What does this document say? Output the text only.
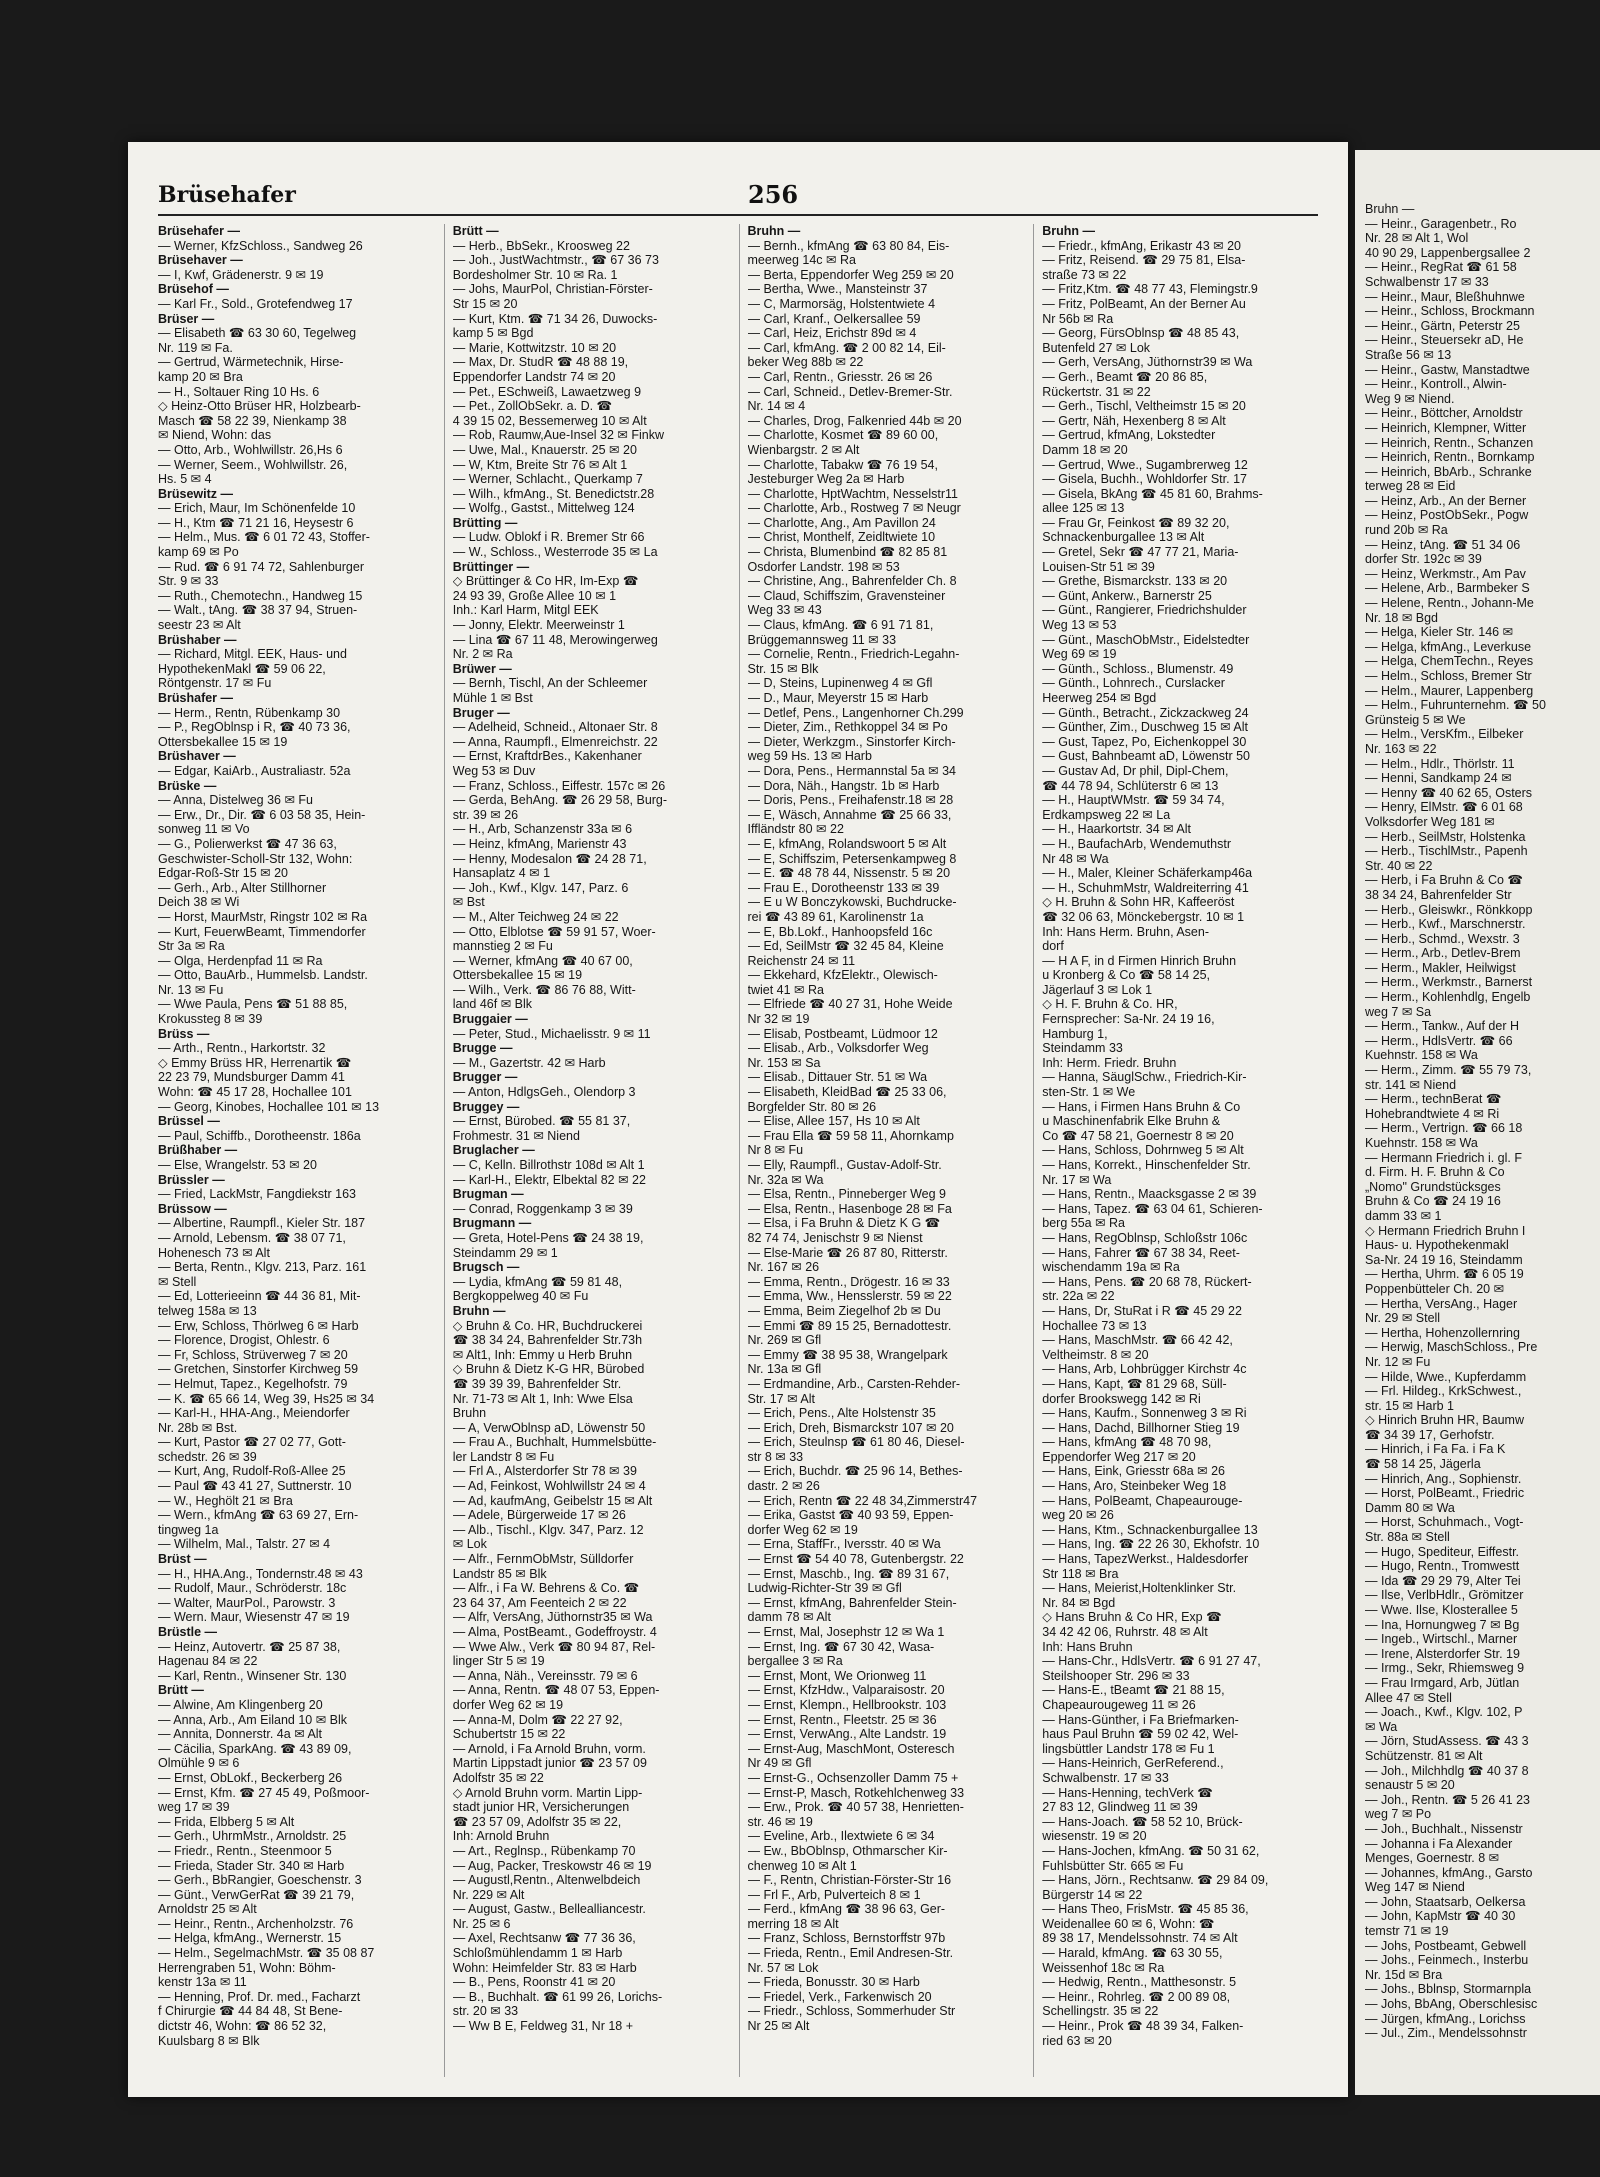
Brüsehafer	256
Brüsehafer —
— Werner, KfzSchloss., Sandweg 26
Brüsehaver —
— I, Kwf, Grädenerstr. 9 ✉ 19
Brüsehof —
— Karl Fr., Sold., Grotefendweg 17
Brüser —
— Elisabeth ☎ 63 30 60, Tegelweg
Nr. 119 ✉ Fa.
— Gertrud, Wärmetechnik, Hirse-
kamp 20 ✉ Bra
— H., Soltauer Ring 10 Hs. 6
◇ Heinz-Otto Brüser HR, Holzbearb-
Masch ☎ 58 22 39, Nienkamp 38
✉ Niend, Wohn: das
— Otto, Arb., Wohlwillstr. 26,Hs 6
— Werner, Seem., Wohlwillstr. 26,
Hs. 5 ✉ 4
Brüsewitz —
— Erich, Maur, Im Schönenfelde 10
— H., Ktm ☎ 71 21 16, Heysestr 6
— Helm., Mus. ☎ 6 01 72 43, Stoffer-
kamp 69 ✉ Po
— Rud. ☎ 6 91 74 72, Sahlenburger
Str. 9 ✉ 33
— Ruth., Chemotechn., Handweg 15
— Walt., tAng. ☎ 38 37 94, Struen-
seestr 23 ✉ Alt
Brüshaber —
— Richard, Mitgl. EEK, Haus- und
HypothekenMakl ☎ 59 06 22,
Röntgenstr. 17 ✉ Fu
Brüshafer —
— Herm., Rentn, Rübenkamp 30
— P., RegOblnsp i R, ☎ 40 73 36,
Ottersbekallee 15 ✉ 19
Brüshaver —
— Edgar, KaiArb., Australiastr. 52a
Brüske —
— Anna, Distelweg 36 ✉ Fu
— Erw., Dr., Dir. ☎ 6 03 58 35, Hein-
sonweg 11 ✉ Vo
— G., Polierwerkst ☎ 47 36 63,
Geschwister-Scholl-Str 132, Wohn:
Edgar-Roß-Str 15 ✉ 20
— Gerh., Arb., Alter Stillhorner
Deich 38 ✉ Wi
— Horst, MaurMstr, Ringstr 102 ✉ Ra
— Kurt, FeuerwBeamt, Timmendorfer
Str 3a ✉ Ra
— Olga, Herdenpfad 11 ✉ Ra
— Otto, BauArb., Hummelsb. Landstr.
Nr. 13 ✉ Fu
— Wwe Paula, Pens ☎ 51 88 85,
Krokussteg 8 ✉ 39
Brüss —
— Arth., Rentn., Harkortstr. 32
◇ Emmy Brüss HR, Herrenartik ☎
22 23 79, Mundsburger Damm 41
Wohn: ☎ 45 17 28, Hochallee 101
— Georg, Kinobes, Hochallee 101 ✉ 13
Brüssel —
— Paul, Schiffb., Dorotheenstr. 186a
Brüßhaber —
— Else, Wrangelstr. 53 ✉ 20
Brüssler —
— Fried, LackMstr, Fangdiekstr 163
Brüssow —
— Albertine, Raumpfl., Kieler Str. 187
— Arnold, Lebensm. ☎ 38 07 71,
Hohenesch 73 ✉ Alt
— Berta, Rentn., Klgv. 213, Parz. 161
✉ Stell
— Ed, Lotterieeinn ☎ 44 36 81, Mit-
telweg 158a ✉ 13
— Erw, Schloss, Thörlweg 6 ✉ Harb
— Florence, Drogist, Ohlestr. 6
— Fr, Schloss, Strüverweg 7 ✉ 20
— Gretchen, Sinstorfer Kirchweg 59
— Helmut, Tapez., Kegelhofstr. 79
— K. ☎ 65 66 14, Weg 39, Hs25 ✉ 34
— Karl-H., HHA-Ang., Meiendorfer
Nr. 28b ✉ Bst.
— Kurt, Pastor ☎ 27 02 77, Gott-
schedstr. 26 ✉ 39
— Kurt, Ang, Rudolf-Roß-Allee 25
— Paul ☎ 43 41 27, Suttnerstr. 10
— W., Heghölt 21 ✉ Bra
— Wern., kfmAng ☎ 63 69 27, Ern-
tingweg 1a
— Wilhelm, Mal., Talstr. 27 ✉ 4
Brüst —
— H., HHA.Ang., Tondernstr.48 ✉ 43
— Rudolf, Maur., Schröderstr. 18c
— Walter, MaurPol., Parowstr. 3
— Wern. Maur, Wiesenstr 47 ✉ 19
Brüstle —
— Heinz, Autovertr. ☎ 25 87 38,
Hagenau 84 ✉ 22
— Karl, Rentn., Winsener Str. 130
Brütt —
— Alwine, Am Klingenberg 20
— Anna, Arb., Am Eiland 10 ✉ Blk
— Annita, Donnerstr. 4a ✉ Alt
— Cäcilia, SparkAng. ☎ 43 89 09,
Olmühle 9 ✉ 6
— Ernst, ObLokf., Beckerberg 26
— Ernst, Kfm. ☎ 27 45 49, Poßmoor-
weg 17 ✉ 39
— Frida, Elbberg 5 ✉ Alt
— Gerh., UhrmMstr., Arnoldstr. 25
— Friedr., Rentn., Steenmoor 5
— Frieda, Stader Str. 340 ✉ Harb
— Gerh., BbRangier, Goeschenstr. 3
— Günt., VerwGerRat ☎ 39 21 79,
Arnoldstr 25 ✉ Alt
— Heinr., Rentn., Archenholzstr. 76
— Helga, kfmAng., Wernerstr. 15
— Helm., SegelmachMstr. ☎ 35 08 87
Herrengraben 51, Wohn: Böhm-
kenstr 13a ✉ 11
— Henning, Prof. Dr. med., Facharzt
f Chirurgie ☎ 44 84 48, St Bene-
dictstr 46, Wohn: ☎ 86 52 32,
Kuulsbarg 8 ✉ Blk
Brütt —
— Herb., BbSekr., Kroosweg 22
— Joh., JustWachtmstr., ☎ 67 36 73
Bordesholmer Str. 10 ✉ Ra. 1
— Johs, MaurPol, Christian-Förster-
Str 15 ✉ 20
— Kurt, Ktm. ☎ 71 34 26, Duwocks-
kamp 5 ✉ Bgd
— Marie, Kottwitzstr. 10 ✉ 20
— Max, Dr. StudR ☎ 48 88 19,
Eppendorfer Landstr 74 ✉ 20
— Pet., ESchweiß, Lawaetzweg 9
— Pet., ZollObSekr. a. D. ☎
4 39 15 02, Bessemerweg 10 ✉ Alt
— Rob, Raumw,Aue-Insel 32 ✉ Finkw
— Uwe, Mal., Knauerstr. 25 ✉ 20
— W, Ktm, Breite Str 76 ✉ Alt 1
— Werner, Schlacht., Querkamp 7
— Wilh., kfmAng., St. Benedictstr.28
— Wolfg., Gastst., Mittelweg 124
Brütting —
— Ludw. Oblokf i R. Bremer Str 66
— W., Schloss., Westerrode 35 ✉ La
Brüttinger —
◇ Brüttinger & Co HR, Im-Exp ☎
24 93 39, Große Allee 10 ✉ 1
Inh.: Karl Harm, Mitgl EEK
— Jonny, Elektr. Meerweinstr 1
— Lina ☎ 67 11 48, Merowingerweg
Nr. 2 ✉ Ra
Brüwer —
— Bernh, Tischl, An der Schleemer
Mühle 1 ✉ Bst
Bruger —
— Adelheid, Schneid., Altonaer Str. 8
— Anna, Raumpfl., Elmenreichstr. 22
— Ernst, KraftdrBes., Kakenhaner
Weg 53 ✉ Duv
— Franz, Schloss., Eiffestr. 157c ✉ 26
— Gerda, BehAng. ☎ 26 29 58, Burg-
str. 39 ✉ 26
— H., Arb, Schanzenstr 33a ✉ 6
— Heinz, kfmAng, Marienstr 43
— Henny, Modesalon ☎ 24 28 71,
Hansaplatz 4 ✉ 1
— Joh., Kwf., Klgv. 147, Parz. 6
✉ Bst
— M., Alter Teichweg 24 ✉ 22
— Otto, Elblotse ☎ 59 91 57, Woer-
mannstieg 2 ✉ Fu
— Werner, kfmAng ☎ 40 67 00,
Ottersbekallee 15 ✉ 19
— Wilh., Verk. ☎ 86 76 88, Witt-
land 46f ✉ Blk
Bruggaier —
— Peter, Stud., Michaelisstr. 9 ✉ 11
Brugge —
— M., Gazertstr. 42 ✉ Harb
Brugger —
— Anton, HdlgsGeh., Olendorp 3
Bruggey —
— Ernst, Bürobed. ☎ 55 81 37,
Frohmestr. 31 ✉ Niend
Bruglacher —
— C, Kelln. Billrothstr 108d ✉ Alt 1
— Karl-H., Elektr, Elbektal 82 ✉ 22
Brugman —
— Conrad, Roggenkamp 3 ✉ 39
Brugmann —
— Greta, Hotel-Pens ☎ 24 38 19,
Steindamm 29 ✉ 1
Brugsch —
— Lydia, kfmAng ☎ 59 81 48,
Bergkoppelweg 40 ✉ Fu
Bruhn —
◇ Bruhn & Co. HR, Buchdruckerei
☎ 38 34 24, Bahrenfelder Str.73h
✉ Alt1, Inh: Emmy u Herb Bruhn
◇ Bruhn & Dietz K-G HR, Bürobed
☎ 39 39 39, Bahrenfelder Str.
Nr. 71-73 ✉ Alt 1, Inh: Wwe Elsa
Bruhn
— A, VerwOblnsp aD, Löwenstr 50
— Frau A., Buchhalt, Hummelsbütte-
ler Landstr 8 ✉ Fu
— Frl A., Alsterdorfer Str 78 ✉ 39
— Ad, Feinkost, Wohlwillstr 24 ✉ 4
— Ad, kaufmAng, Geibelstr 15 ✉ Alt
— Adele, Bürgerweide 17 ✉ 26
— Alb., Tischl., Klgv. 347, Parz. 12
✉ Lok
— Alfr., FernmObMstr, Sülldorfer
Landstr 85 ✉ Blk
— Alfr., i Fa W. Behrens & Co. ☎
23 64 37, Am Feenteich 2 ✉ 22
— Alfr, VersAng, Jüthornstr35 ✉ Wa
— Alma, PostBeamt., Godeffroystr. 4
— Wwe Alw., Verk ☎ 80 94 87, Rel-
linger Str 5 ✉ 19
— Anna, Näh., Vereinsstr. 79 ✉ 6
— Anna, Rentn. ☎ 48 07 53, Eppen-
dorfer Weg 62 ✉ 19
— Anna-M, Dolm ☎ 22 27 92,
Schubertstr 15 ✉ 22
— Arnold, i Fa Arnold Bruhn, vorm.
Martin Lippstadt junior ☎ 23 57 09
Adolfstr 35 ✉ 22
◇ Arnold Bruhn vorm. Martin Lipp-
stadt junior HR, Versicherungen
☎ 23 57 09, Adolfstr 35 ✉ 22,
Inh: Arnold Bruhn
— Art., Reglnsp., Rübenkamp 70
— Aug, Packer, Treskowstr 46 ✉ 19
— Augustl,Rentn., Altenwelbdeich
Nr. 229 ✉ Alt
— August, Gastw., Bellealliancestr.
Nr. 25 ✉ 6
— Axel, Rechtsanw ☎ 77 36 36,
Schloßmühlendamm 1 ✉ Harb
Wohn: Heimfelder Str. 83 ✉ Harb
— B., Pens, Roonstr 41 ✉ 20
— B., Buchhalt. ☎ 61 99 26, Lorichs-
str. 20 ✉ 33
— Ww B E, Feldweg 31, Nr 18 +
Bruhn —
— Bernh., kfmAng ☎ 63 80 84, Eis-
meerweg 14c ✉ Ra
— Berta, Eppendorfer Weg 259 ✉ 20
— Bertha, Wwe., Mansteinstr 37
— C, Marmorsäg, Holstentwiete 4
— Carl, Kranf., Oelkersallee 59
— Carl, Heiz, Erichstr 89d ✉ 4
— Carl, kfmAng. ☎ 2 00 82 14, Eil-
beker Weg 88b ✉ 22
— Carl, Rentn., Griesstr. 26 ✉ 26
— Carl, Schneid., Detlev-Bremer-Str.
Nr. 14 ✉ 4
— Charles, Drog, Falkenried 44b ✉ 20
— Charlotte, Kosmet ☎ 89 60 00,
Wienbargstr. 2 ✉ Alt
— Charlotte, Tabakw ☎ 76 19 54,
Jesteburger Weg 2a ✉ Harb
— Charlotte, HptWachtm, Nesselstr11
— Charlotte, Arb., Rostweg 7 ✉ Neugr
— Charlotte, Ang., Am Pavillon 24
— Christ, Monthelf, Zeidltwiete 10
— Christa, Blumenbind ☎ 82 85 81
Osdorfer Landstr. 198 ✉ 53
— Christine, Ang., Bahrenfelder Ch. 8
— Claud, Schiffszim, Gravensteiner
Weg 33 ✉ 43
— Claus, kfmAng. ☎ 6 91 71 81,
Brüggemannsweg 11 ✉ 33
— Cornelie, Rentn., Friedrich-Legahn-
Str. 15 ✉ Blk
— D, Steins, Lupinenweg 4 ✉ Gfl
— D., Maur, Meyerstr 15 ✉ Harb
— Detlef, Pens., Langenhorner Ch.299
— Dieter, Zim., Rethkoppel 34 ✉ Po
— Dieter, Werkzgm., Sinstorfer Kirch-
weg 59 Hs. 13 ✉ Harb
— Dora, Pens., Hermannstal 5a ✉ 34
— Dora, Näh., Hangstr. 1b ✉ Harb
— Doris, Pens., Freihafenstr.18 ✉ 28
— E, Wäsch, Annahme ☎ 25 66 33,
Iffländstr 80 ✉ 22
— E, kfmAng, Rolandswoort 5 ✉ Alt
— E, Schiffszim, Petersenkampweg 8
— E. ☎ 48 78 44, Nissenstr. 5 ✉ 20
— Frau E., Dorotheenstr 133 ✉ 39
— E u W Bonczykowski, Buchdrucke-
rei ☎ 43 89 61, Karolinenstr 1a
— E, Bb.Lokf., Hanhoopsfeld 16c
— Ed, SeilMstr ☎ 32 45 84, Kleine
Reichenstr 24 ✉ 11
— Ekkehard, KfzElektr., Olewisch-
twiet 41 ✉ Ra
— Elfriede ☎ 40 27 31, Hohe Weide
Nr 32 ✉ 19
— Elisab, Postbeamt, Lüdmoor 12
— Elisab., Arb., Volksdorfer Weg
Nr. 153 ✉ Sa
— Elisab., Dittauer Str. 51 ✉ Wa
— Elisabeth, KleidBad ☎ 25 33 06,
Borgfelder Str. 80 ✉ 26
— Elise, Allee 157, Hs 10 ✉ Alt
— Frau Ella ☎ 59 58 11, Ahornkamp
Nr 8 ✉ Fu
— Elly, Raumpfl., Gustav-Adolf-Str.
Nr. 32a ✉ Wa
— Elsa, Rentn., Pinneberger Weg 9
— Elsa, Rentn., Hasenboge 28 ✉ Fa
— Elsa, i Fa Bruhn & Dietz K G ☎
82 74 74, Jenischstr 9 ✉ Nienst
— Else-Marie ☎ 26 87 80, Ritterstr.
Nr. 167 ✉ 26
— Emma, Rentn., Drögestr. 16 ✉ 33
— Emma, Ww., Hensslerstr. 59 ✉ 22
— Emma, Beim Ziegelhof 2b ✉ Du
— Emmi ☎ 89 15 25, Bernadottestr.
Nr. 269 ✉ Gfl
— Emmy ☎ 38 95 38, Wrangelpark
Nr. 13a ✉ Gfl
— Erdmandine, Arb., Carsten-Rehder-
Str. 17 ✉ Alt
— Erich, Pens., Alte Holstenstr 35
— Erich, Dreh, Bismarckstr 107 ✉ 20
— Erich, Steulnsp ☎ 61 80 46, Diesel-
str 8 ✉ 33
— Erich, Buchdr. ☎ 25 96 14, Bethes-
dastr. 2 ✉ 26
— Erich, Rentn ☎ 22 48 34,Zimmerstr47
— Erika, Gastst ☎ 40 93 59, Eppen-
dorfer Weg 62 ✉ 19
— Erna, StaffFr., Iversstr. 40 ✉ Wa
— Ernst ☎ 54 40 78, Gutenbergstr. 22
— Ernst, Maschb., Ing. ☎ 89 31 67,
Ludwig-Richter-Str 39 ✉ Gfl
— Ernst, kfmAng, Bahrenfelder Stein-
damm 78 ✉ Alt
— Ernst, Mal, Josephstr 12 ✉ Wa 1
— Ernst, Ing. ☎ 67 30 42, Wasa-
bergallee 3 ✉ Ra
— Ernst, Mont, We Orionweg 11
— Ernst, KfzHdw., Valparaisostr. 20
— Ernst, Klempn., Hellbrookstr. 103
— Ernst, Rentn., Fleetstr. 25 ✉ 36
— Ernst, VerwAng., Alte Landstr. 19
— Ernst-Aug, MaschMont, Osteresch
Nr 49 ✉ Gfl
— Ernst-G., Ochsenzoller Damm 75 +
— Ernst-P, Masch, Rotkehlchenweg 33
— Erw., Prok. ☎ 40 57 38, Henrietten-
str. 46 ✉ 19
— Eveline, Arb., Ilextwiete 6 ✉ 34
— Ew., BbOblnsp, Othmarscher Kir-
chenweg 10 ✉ Alt 1
— F., Rentn, Christian-Förster-Str 16
— Frl F., Arb, Pulverteich 8 ✉ 1
— Ferd., kfmAng ☎ 38 96 63, Ger-
merring 18 ✉ Alt
— Franz, Schloss, Bernstorffstr 97b
— Frieda, Rentn., Emil Andresen-Str.
Nr. 57 ✉ Lok
— Frieda, Bonusstr. 30 ✉ Harb
— Friedel, Verk., Farkenwisch 20
— Friedr., Schloss, Sommerhuder Str
Nr 25 ✉ Alt
Bruhn —
— Friedr., kfmAng, Erikastr 43 ✉ 20
— Fritz, Reisend. ☎ 29 75 81, Elsa-
straße 73 ✉ 22
— Fritz,Ktm. ☎ 48 77 43, Flemingstr.9
— Fritz, PolBeamt, An der Berner Au
Nr 56b ✉ Ra
— Georg, FürsOblnsp ☎ 48 85 43,
Butenfeld 27 ✉ Lok
— Gerh, VersAng, Jüthornstr39 ✉ Wa
— Gerh., Beamt ☎ 20 86 85,
Rückertstr. 31 ✉ 22
— Gerh., Tischl, Veltheimstr 15 ✉ 20
— Gertr, Näh, Hexenberg 8 ✉ Alt
— Gertrud, kfmAng, Lokstedter
Damm 18 ✉ 20
— Gertrud, Wwe., Sugambrerweg 12
— Gisela, Buchh., Wohldorfer Str. 17
— Gisela, BkAng ☎ 45 81 60, Brahms-
allee 125 ✉ 13
— Frau Gr, Feinkost ☎ 89 32 20,
Schnackenburgallee 13 ✉ Alt
— Gretel, Sekr ☎ 47 77 21, Maria-
Louisen-Str 51 ✉ 39
— Grethe, Bismarckstr. 133 ✉ 20
— Günt, Ankerw., Barnerstr 25
— Günt., Rangierer, Friedrichshulder
Weg 13 ✉ 53
— Günt., MaschObMstr., Eidelstedter
Weg 69 ✉ 19
— Günth., Schloss., Blumenstr. 49
— Günth., Lohnrech., Curslacker
Heerweg 254 ✉ Bgd
— Günth., Betracht., Zickzackweg 24
— Günther, Zim., Duschweg 15 ✉ Alt
— Gust, Tapez, Po, Eichenkoppel 30
— Gust, Bahnbeamt aD, Löwenstr 50
— Gustav Ad, Dr phil, Dipl-Chem,
☎ 44 78 94, Schlüterstr 6 ✉ 13
— H., HauptWMstr. ☎ 59 34 74,
Erdkampsweg 22 ✉ La
— H., Haarkortstr. 34 ✉ Alt
— H., BaufachArb, Wendemuthstr
Nr 48 ✉ Wa
— H., Maler, Kleiner Schäferkamp46a
— H., SchuhmMstr, Waldreiterring 41
◇ H. Bruhn & Sohn HR, Kaffeeröst
☎ 32 06 63, Mönckebergstr. 10 ✉ 1
Inh: Hans Herm. Bruhn, Asen-
dorf
— H A F, in d Firmen Hinrich Bruhn
u Kronberg & Co ☎ 58 14 25,
Jägerlauf 3 ✉ Lok 1
◇ H. F. Bruhn & Co. HR,
Fernsprecher: Sa-Nr. 24 19 16,
Hamburg 1,
Steindamm 33
Inh: Herm. Friedr. Bruhn
— Hanna, SäuglSchw., Friedrich-Kir-
sten-Str. 1 ✉ We
— Hans, i Firmen Hans Bruhn & Co
u Maschinenfabrik Elke Bruhn &
Co ☎ 47 58 21, Goernestr 8 ✉ 20
— Hans, Schloss, Dohrnweg 5 ✉ Alt
— Hans, Korrekt., Hinschenfelder Str.
Nr. 17 ✉ Wa
— Hans, Rentn., Maacksgasse 2 ✉ 39
— Hans, Tapez. ☎ 63 04 61, Schieren-
berg 55a ✉ Ra
— Hans, RegOblnsp, Schloßstr 106c
— Hans, Fahrer ☎ 67 38 34, Reet-
wischendamm 19a ✉ Ra
— Hans, Pens. ☎ 20 68 78, Rückert-
str. 22a ✉ 22
— Hans, Dr, StuRat i R ☎ 45 29 22
Hochallee 73 ✉ 13
— Hans, MaschMstr. ☎ 66 42 42,
Veltheimstr. 8 ✉ 20
— Hans, Arb, Lohbrügger Kirchstr 4c
— Hans, Kapt, ☎ 81 29 68, Süll-
dorfer Brookswegg 142 ✉ Ri
— Hans, Kaufm., Sonnenweg 3 ✉ Ri
— Hans, Dachd, Billhorner Stieg 19
— Hans, kfmAng ☎ 48 70 98,
Eppendorfer Weg 217 ✉ 20
— Hans, Eink, Griesstr 68a ✉ 26
— Hans, Aro, Steinbeker Weg 18
— Hans, PolBeamt, Chapeaurouge-
weg 20 ✉ 26
— Hans, Ktm., Schnackenburgallee 13
— Hans, Ing. ☎ 22 26 30, Ekhofstr. 10
— Hans, TapezWerkst., Haldesdorfer
Str 118 ✉ Bra
— Hans, Meierist,Holtenklinker Str.
Nr. 84 ✉ Bgd
◇ Hans Bruhn & Co HR, Exp ☎
34 42 42 06, Ruhrstr. 48 ✉ Alt
Inh: Hans Bruhn
— Hans-Chr., HdlsVertr. ☎ 6 91 27 47,
Steilshooper Str. 296 ✉ 33
— Hans-E., tBeamt ☎ 21 88 15,
Chapeaurougeweg 11 ✉ 26
— Hans-Günther, i Fa Briefmarken-
haus Paul Bruhn ☎ 59 02 42, Wel-
lingsbüttler Landstr 178 ✉ Fu 1
— Hans-Heinrich, GerReferend.,
Schwalbenstr. 17 ✉ 33
— Hans-Henning, techVerk ☎
27 83 12, Glindweg 11 ✉ 39
— Hans-Joach. ☎ 58 52 10, Brück-
wiesenstr. 19 ✉ 20
— Hans-Jochen, kfmAng. ☎ 50 31 62,
Fuhlsbütter Str. 665 ✉ Fu
— Hans, Jörn., Rechtsanw. ☎ 29 84 09,
Bürgerstr 14 ✉ 22
— Hans Theo, FrisMstr. ☎ 45 85 36,
Weidenallee 60 ✉ 6, Wohn: ☎
89 38 17, Mendelssohnstr. 74 ✉ Alt
— Harald, kfmAng. ☎ 63 30 55,
Weissenhof 18c ✉ Ra
— Hedwig, Rentn., Matthesonstr. 5
— Heinr., Rohrleg. ☎ 2 00 89 08,
Schellingstr. 35 ✉ 22
— Heinr., Prok ☎ 48 39 34, Falken-
ried 63 ✉ 20
Bruhn —
— Heinr., Garagenbetr., Ro
Nr. 28 ✉ Alt 1, Wol
40 90 29, Lappenbergsallee 2
— Heinr., RegRat ☎ 61 58
Schwalbenstr 17 ✉ 33
— Heinr., Maur, Bleßhuhnwe
— Heinr., Schloss, Brockmann
— Heinr., Gärtn, Peterstr 25
— Heinr., Steuersekr aD, He
Straße 56 ✉ 13
— Heinr., Gastw, Manstadtwe
— Heinr., Kontroll., Alwin-
Weg 9 ✉ Niend.
— Heinr., Böttcher, Arnoldstr
— Heinrich, Klempner, Witter
— Heinrich, Rentn., Schanzen
— Heinrich, Rentn., Bornkamp
— Heinrich, BbArb., Schranke
terweg 28 ✉ Eid
— Heinz, Arb., An der Berner
— Heinz, PostObSekr., Pogw
rund 20b ✉ Ra
— Heinz, tAng. ☎ 51 34 06
dorfer Str. 192c ✉ 39
— Heinz, Werkmstr., Am Pav
— Helene, Arb., Barmbeker S
— Helene, Rentn., Johann-Me
Nr. 18 ✉ Bgd
— Helga, Kieler Str. 146 ✉
— Helga, kfmAng., Leverkuse
— Helga, ChemTechn., Reyes
— Helm., Schloss, Bremer Str
— Helm., Maurer, Lappenberg
— Helm., Fuhrunternehm. ☎ 50
Grünsteig 5 ✉ We
— Helm., VersKfm., Eilbeker
Nr. 163 ✉ 22
— Helm., Hdlr., Thörlstr. 11
— Henni, Sandkamp 24 ✉
— Henny ☎ 40 62 65, Osters
— Henry, ElMstr. ☎ 6 01 68
Volksdorfer Weg 181 ✉
— Herb., SeilMstr, Holstenka
— Herb., TischlMstr., Papenh
Str. 40 ✉ 22
— Herb, i Fa Bruhn & Co ☎
38 34 24, Bahrenfelder Str
— Herb., Gleiswkr., Rönkkopp
— Herb., Kwf., Marschnerstr.
— Herb., Schmd., Wexstr. 3
— Herm., Arb., Detlev-Brem
— Herm., Makler, Heilwigst
— Herm., Werkmstr., Barnerst
— Herm., Kohlenhdlg, Engelb
weg 7 ✉ Sa
— Herm., Tankw., Auf der H
— Herm., HdlsVertr. ☎ 66
Kuehnstr. 158 ✉ Wa
— Herm., Zimm. ☎ 55 79 73,
str. 141 ✉ Niend
— Herm., technBerat ☎
Hohebrandtwiete 4 ✉ Ri
— Herm., Vertrign. ☎ 66 18
Kuehnstr. 158 ✉ Wa
— Hermann Friedrich i. gl. F
d. Firm. H. F. Bruhn & Co
„Nomo" Grundstücksges
Bruhn & Co ☎ 24 19 16
damm 33 ✉ 1
◇ Hermann Friedrich Bruhn I
Haus- u. Hypothekenmakl
Sa-Nr. 24 19 16, Steindamm
— Hertha, Uhrm. ☎ 6 05 19
Poppenbütteler Ch. 20 ✉
— Hertha, VersAng., Hager
Nr. 29 ✉ Stell
— Hertha, Hohenzollernring
— Herwig, MaschSchloss., Pre
Nr. 12 ✉ Fu
— Hilde, Wwe., Kupferdamm
— Frl. Hildeg., KrkSchwest.,
str. 15 ✉ Harb 1
◇ Hinrich Bruhn HR, Baumw
☎ 34 39 17, Gerhofstr.
— Hinrich, i Fa Fa. i Fa K
☎ 58 14 25, Jägerla
— Hinrich, Ang., Sophienstr.
— Horst, PolBeamt., Friedric
Damm 80 ✉ Wa
— Horst, Schuhmach., Vogt-
Str. 88a ✉ Stell
— Hugo, Spediteur, Eiffestr.
— Hugo, Rentn., Tromwestt
— Ida ☎ 29 29 79, Alter Tei
— Ilse, VerlbHdlr., Grömitzer
— Wwe. Ilse, Klosterallee 5
— Ina, Hornungweg 7 ✉ Bg
— Ingeb., Wirtschl., Marner
— Irene, Alsterdorfer Str. 19
— Irmg., Sekr, Rhiemsweg 9
— Frau Irmgard, Arb, Jütlan
Allee 47 ✉ Stell
— Joach., Kwf., Klgv. 102, P
✉ Wa
— Jörn, StudAssess. ☎ 43 3
Schützenstr. 81 ✉ Alt
— Joh., Milchhdlg ☎ 40 37 8
senaustr 5 ✉ 20
— Joh., Rentn. ☎ 5 26 41 23
weg 7 ✉ Po
— Joh., Buchhalt., Nissenstr
— Johanna i Fa Alexander
Menges, Goernestr. 8 ✉
— Johannes, kfmAng., Garsto
Weg 147 ✉ Niend
— John, Staatsarb, Oelkersa
— John, KapMstr ☎ 40 30
temstr 71 ✉ 19
— Johs, Postbeamt, Gebwell
— Johs., Feinmech., Insterbu
Nr. 15d ✉ Bra
— Johs., Bblnsp, Stormarnpla
— Johs, BbAng, Oberschlesisc
— Jürgen, kfmAng., Lorichss
— Jul., Zim., Mendelssohnstr
